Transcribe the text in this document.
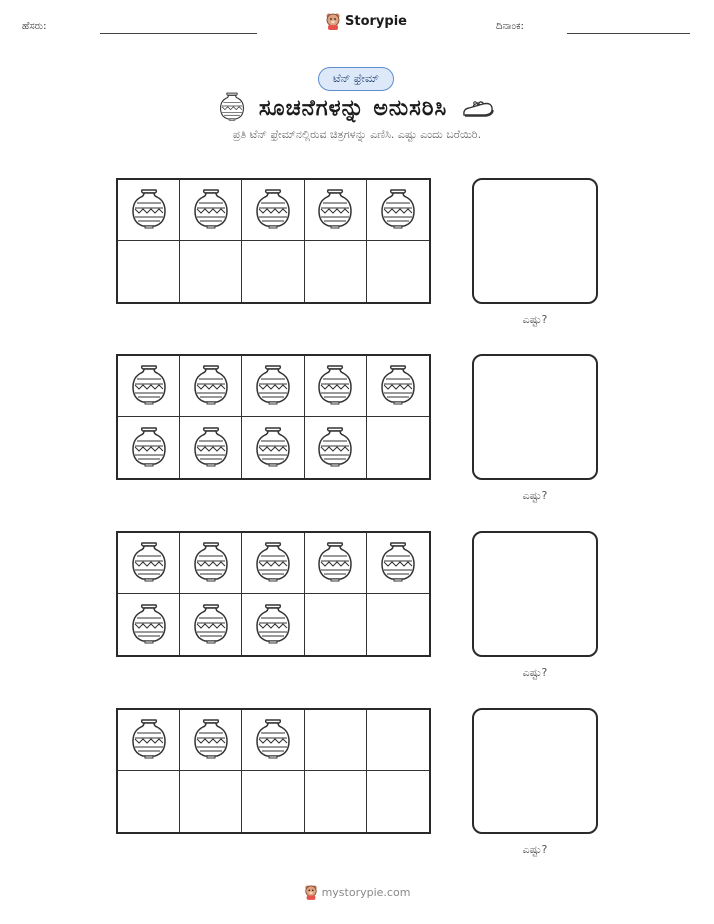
ಹೆಸರು:	Storypie	ದಿನಾಂಕ:
ಟೆನ್ ಫ್ರೇಮ್
ಸೂಚನೆಗಳನ್ನು ಅನುಸರಿಸಿ
ಪ್ರತಿ ಟೆನ್ ಫ್ರೇಮ್‌ನಲ್ಲಿರುವ ಚಿತ್ರಗಳನ್ನು ಎಣಿಸಿ. ಎಷ್ಟು ಎಂದು ಬರೆಯಿರಿ.
ಎಷ್ಟು?
ಎಷ್ಟು?
ಎಷ್ಟು?
ಎಷ್ಟು?
mystorypie.com
